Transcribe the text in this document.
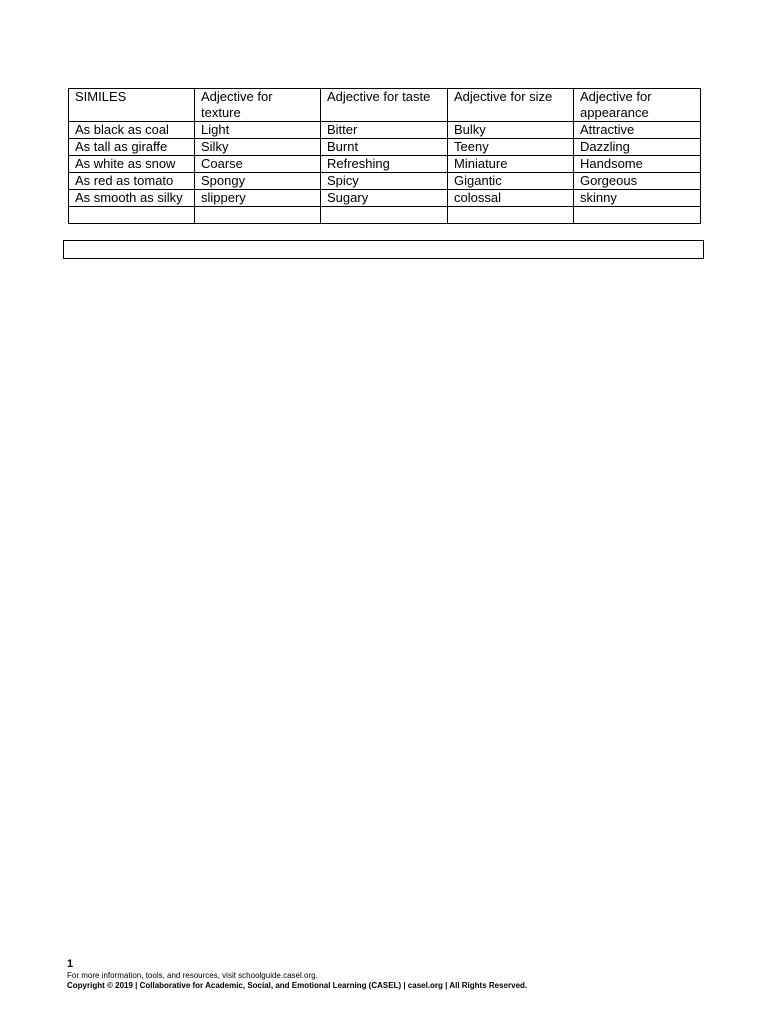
SIMILES	Adjective for texture	Adjective for taste	Adjective for size	Adjective for appearance
As black as coal	Light	Bitter	Bulky	Attractive
As tall as giraffe	Silky	Burnt	Teeny	Dazzling
As white as snow	Coarse	Refreshing	Miniature	Handsome
As red as tomato	Spongy	Spicy	Gigantic	Gorgeous
As smooth as silky	slippery	Sugary	colossal	skinny

1
For more information, tools, and resources, visit schoolguide.casel.org.
Copyright © 2019 | Collaborative for Academic, Social, and Emotional Learning (CASEL) | casel.org | All Rights Reserved.
